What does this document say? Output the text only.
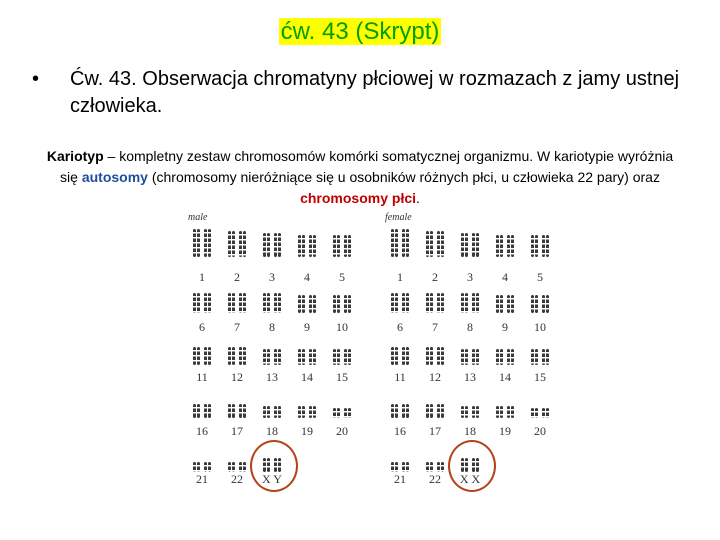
ćw. 43 (Skrypt)
• Ćw. 43. Obserwacja chromatyny płciowej w rozmazach z jamy ustnej człowieka.
Kariotyp – kompletny zestaw chromosomów komórki somatycznej organizmu. W kariotypie wyróżnia się autosomy (chromosomy nieróżniące się u osobników różnych płci, u człowieka 22 pary) oraz chromosomy płci.
male	female
1	2	3	4	5
6	7	8	9	10
11	12	13	14	15
16	17	18	19	20
21	22	X Y
1	2	3	4	5
6	7	8	9	10
11	12	13	14	15
16	17	18	19	20
21	22	X X
